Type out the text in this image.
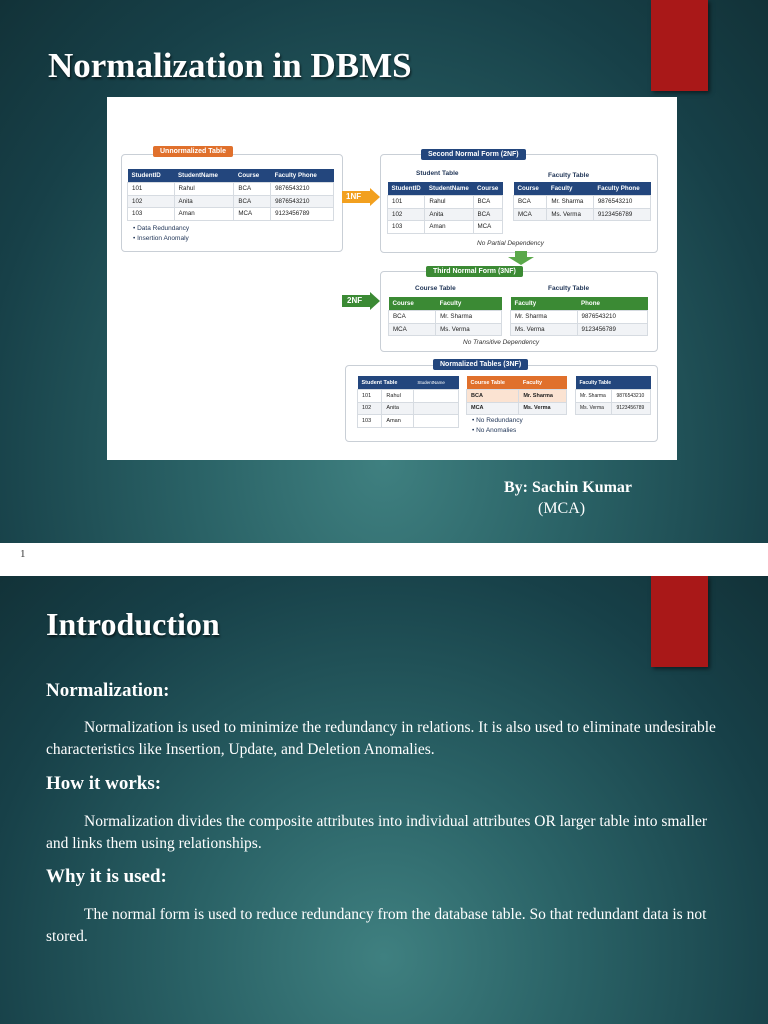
Normalization in DBMS
Unnormalized Table
StudentID	StudentName	Course	Faculty Phone
101	Rahul	BCA	9876543210
102	Anita	BCA	9876543210
103	Aman	MCA	9123456789
• Data Redundancy
• Insertion Anomaly
1NF
Second Normal Form (2NF)
Student Table	Faculty Table
StudentID	StudentName	Course
101	Rahul	BCA
102	Anita	BCA
103	Aman	MCA
Course	Faculty	Faculty Phone
BCA	Mr. Sharma	9876543210
MCA	Ms. Verma	9123456789
No Partial Dependency
2NF
Third Normal Form (3NF)
Course Table	Faculty Table
Course	Faculty
BCA	Mr. Sharma
MCA	Ms. Verma
Faculty	Phone
Mr. Sharma	9876543210
Ms. Verma	9123456789
No Transitive Dependency
Normalized Tables (3NF)
Student Table		StudentName
101	Rahul	
102	Anita	
103	Aman	
Course Table	Faculty
BCA	Mr. Sharma
MCA	Ms. Verma
Faculty Table	
Mr. Sharma	9876543210
Ms. Verma	9123456789
• No Redundancy
• No Anomalies
By: Sachin Kumar
(MCA)
1
Introduction
Normalization:

Normalization is used to minimize the redundancy in relations. It is also used to eliminate undesirable characteristics like Insertion, Update, and Deletion Anomalies.

How it works:

Normalization divides the composite attributes into individual attributes OR larger table into smaller and links them using relationships.

Why it is used:

The normal form is used to reduce redundancy from the database table. So that redundant data is not stored.
